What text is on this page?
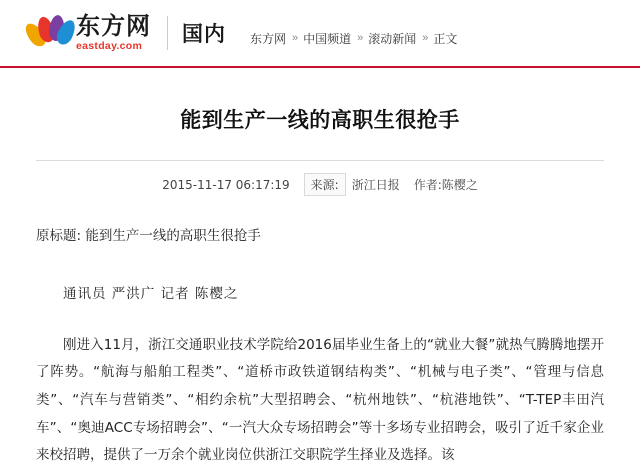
东方网
eastday.com
国内 东方网 » 中国频道 » 滚动新闻 » 正文
能到生产一线的高职生很抢手
2015-11-17 06:17:19	来源:	浙江日报 作者:陈樱之
原标题: 能到生产一线的高职生很抢手
通讯员 严洪广 记者 陈樱之
刚进入11月，浙江交通职业技术学院给2016届毕业生备上的“就业大餐”就热气腾腾地摆开了阵势。“航海与船舶工程类”、“道桥市政铁道钢结构类”、“机械与电子类”、“管理与信息类”、“汽车与营销类”、“相约余杭”大型招聘会、“杭州地铁”、“杭港地铁”、“T-TEP丰田汽车”、“奥迪ACC专场招聘会”、“一汽大众专场招聘会”等十多场专业招聘会，吸引了近千家企业来校招聘，提供了一万余个就业岗位供浙江交职院学生择业及选择。该
